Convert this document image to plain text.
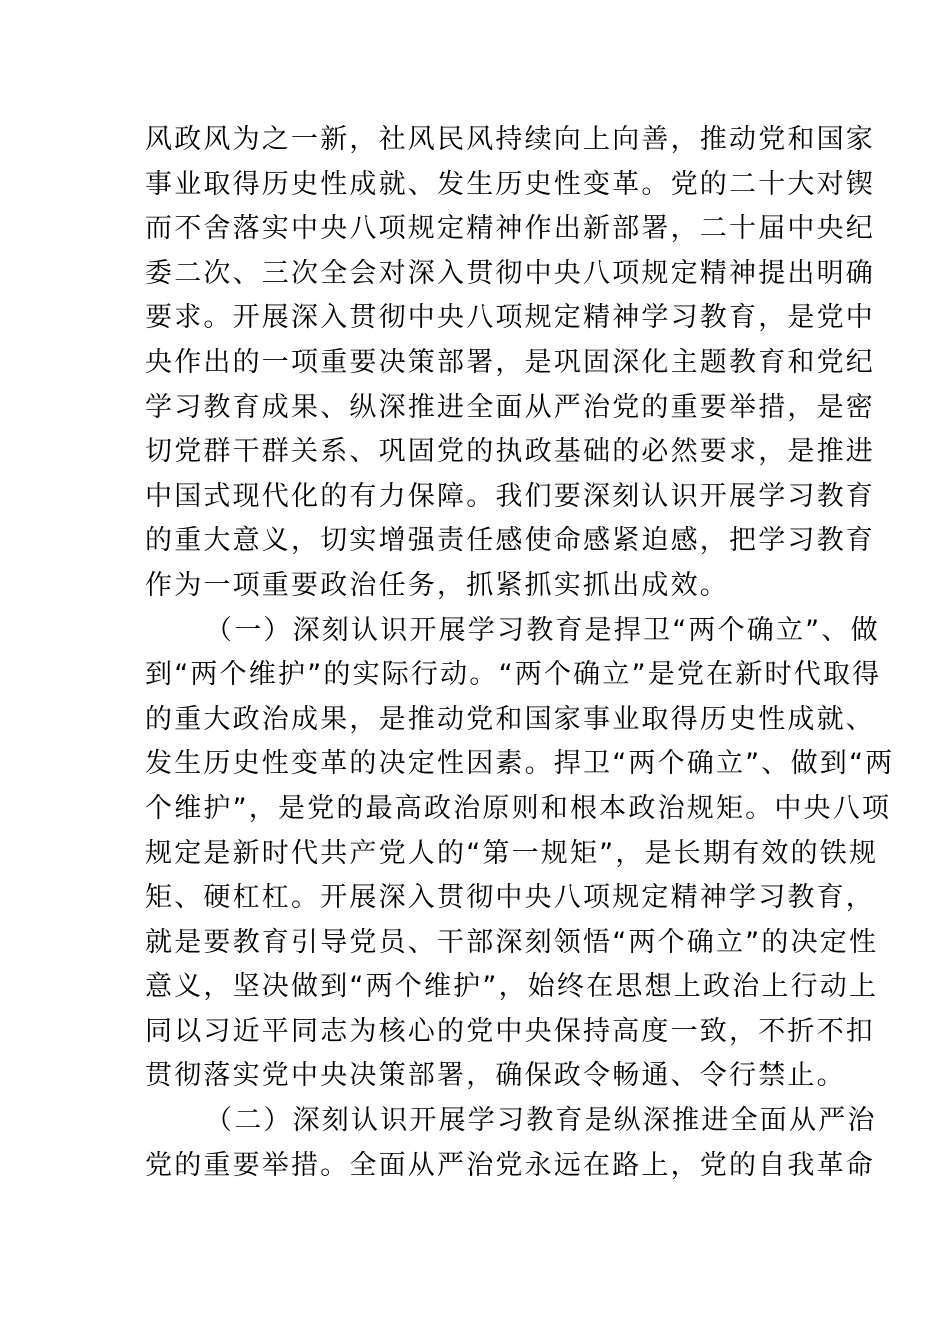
风政风为之一新，社风民风持续向上向善，推动党和国家
事业取得历史性成就、发生历史性变革。党的二十大对锲
而不舍落实中央八项规定精神作出新部署，二十届中央纪
委二次、三次全会对深入贯彻中央八项规定精神提出明确
要求。开展深入贯彻中央八项规定精神学习教育，是党中
央作出的一项重要决策部署，是巩固深化主题教育和党纪
学习教育成果、纵深推进全面从严治党的重要举措，是密
切党群干群关系、巩固党的执政基础的必然要求，是推进
中国式现代化的有力保障。我们要深刻认识开展学习教育
的重大意义，切实增强责任感使命感紧迫感，把学习教育
作为一项重要政治任务，抓紧抓实抓出成效。
（一）深刻认识开展学习教育是捍卫“两个确立”、做
到“两个维护”的实际行动。“两个确立”是党在新时代取得
的重大政治成果，是推动党和国家事业取得历史性成就、
发生历史性变革的决定性因素。捍卫“两个确立”、做到“两
个维护”，是党的最高政治原则和根本政治规矩。中央八项
规定是新时代共产党人的“第一规矩”，是长期有效的铁规
矩、硬杠杠。开展深入贯彻中央八项规定精神学习教育，
就是要教育引导党员、干部深刻领悟“两个确立”的决定性
意义，坚决做到“两个维护”，始终在思想上政治上行动上
同以习近平同志为核心的党中央保持高度一致，不折不扣
贯彻落实党中央决策部署，确保政令畅通、令行禁止。
（二）深刻认识开展学习教育是纵深推进全面从严治
党的重要举措。全面从严治党永远在路上，党的自我革命
